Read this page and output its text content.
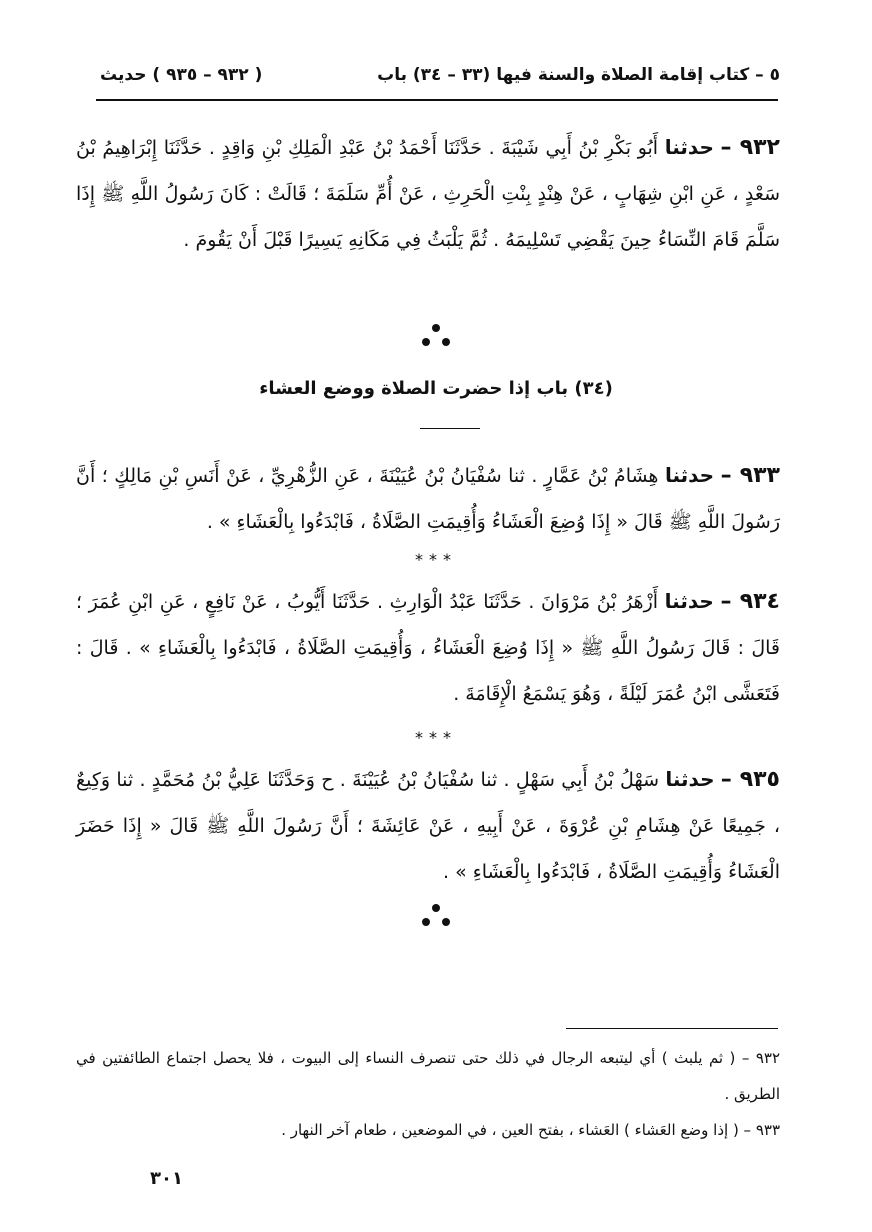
٥ – كتاب إقامة الصلاة والسنة فيها (٣٣ – ٣٤) باب
( ٩٣٢ – ٩٣٥ ) حديث
٩٣٢ – حدثنا أَبُو بَكْرِ بْنُ أَبِي شَيْبَةَ . حَدَّثَنَا أَحْمَدُ بْنُ عَبْدِ الْمَلِكِ بْنِ وَاقِدٍ . حَدَّثَنَا إِبْرَاهِيمُ بْنُ سَعْدٍ ، عَنِ ابْنِ شِهَابٍ ، عَنْ هِنْدٍ بِنْتِ الْحَرِثِ ، عَنْ أُمِّ سَلَمَةَ ؛ قَالَتْ : كَانَ رَسُولُ اللَّهِ ﷺ إِذَا سَلَّمَ قَامَ النِّسَاءُ حِينَ يَقْضِي تَسْلِيمَهُ . ثُمَّ يَلْبَثُ فِي مَكَانِهِ يَسِيرًا قَبْلَ أَنْ يَقُومَ .
(٣٤) باب إذا حضرت الصلاة ووضع العشاء
٩٣٣ – حدثنا هِشَامُ بْنُ عَمَّارٍ . ثنا سُفْيَانُ بْنُ عُيَيْنَةَ ، عَنِ الزُّهْرِيِّ ، عَنْ أَنَسِ بْنِ مَالِكٍ ؛ أَنَّ رَسُولَ اللَّهِ ﷺ قَالَ « إِذَا وُضِعَ الْعَشَاءُ وَأُقِيمَتِ الصَّلَاةُ ، فَابْدَءُوا بِالْعَشَاءِ » .
***
٩٣٤ – حدثنا أَزْهَرُ بْنُ مَرْوَانَ . حَدَّثَنَا عَبْدُ الْوَارِثِ . حَدَّثَنَا أَيُّوبُ ، عَنْ نَافِعٍ ، عَنِ ابْنِ عُمَرَ ؛ قَالَ : قَالَ رَسُولُ اللَّهِ ﷺ « إِذَا وُضِعَ الْعَشَاءُ ، وَأُقِيمَتِ الصَّلَاةُ ، فَابْدَءُوا بِالْعَشَاءِ » . قَالَ : فَتَعَشَّى ابْنُ عُمَرَ لَيْلَةً ، وَهُوَ يَسْمَعُ الْإِقَامَةَ .
***
٩٣٥ – حدثنا سَهْلُ بْنُ أَبِي سَهْلٍ . ثنا سُفْيَانُ بْنُ عُيَيْنَةَ . ح وَحَدَّثَنَا عَلِيُّ بْنُ مُحَمَّدٍ . ثنا وَكِيعٌ ، جَمِيعًا عَنْ هِشَامِ بْنِ عُرْوَةَ ، عَنْ أَبِيهِ ، عَنْ عَائِشَةَ ؛ أَنَّ رَسُولَ اللَّهِ ﷺ قَالَ « إِذَا حَضَرَ الْعَشَاءُ وَأُقِيمَتِ الصَّلَاةُ ، فَابْدَءُوا بِالْعَشَاءِ » .
٩٣٢ – ( ثم يلبث ) أي ليتبعه الرجال في ذلك حتى تنصرف النساء إلى البيوت ، فلا يحصل اجتماع الطائفتين في الطريق .
٩٣٣ – ( إذا وضع العَشاء ) العَشاء ، بفتح العين ، في الموضعين ، طعام آخر النهار .
٣٠١
